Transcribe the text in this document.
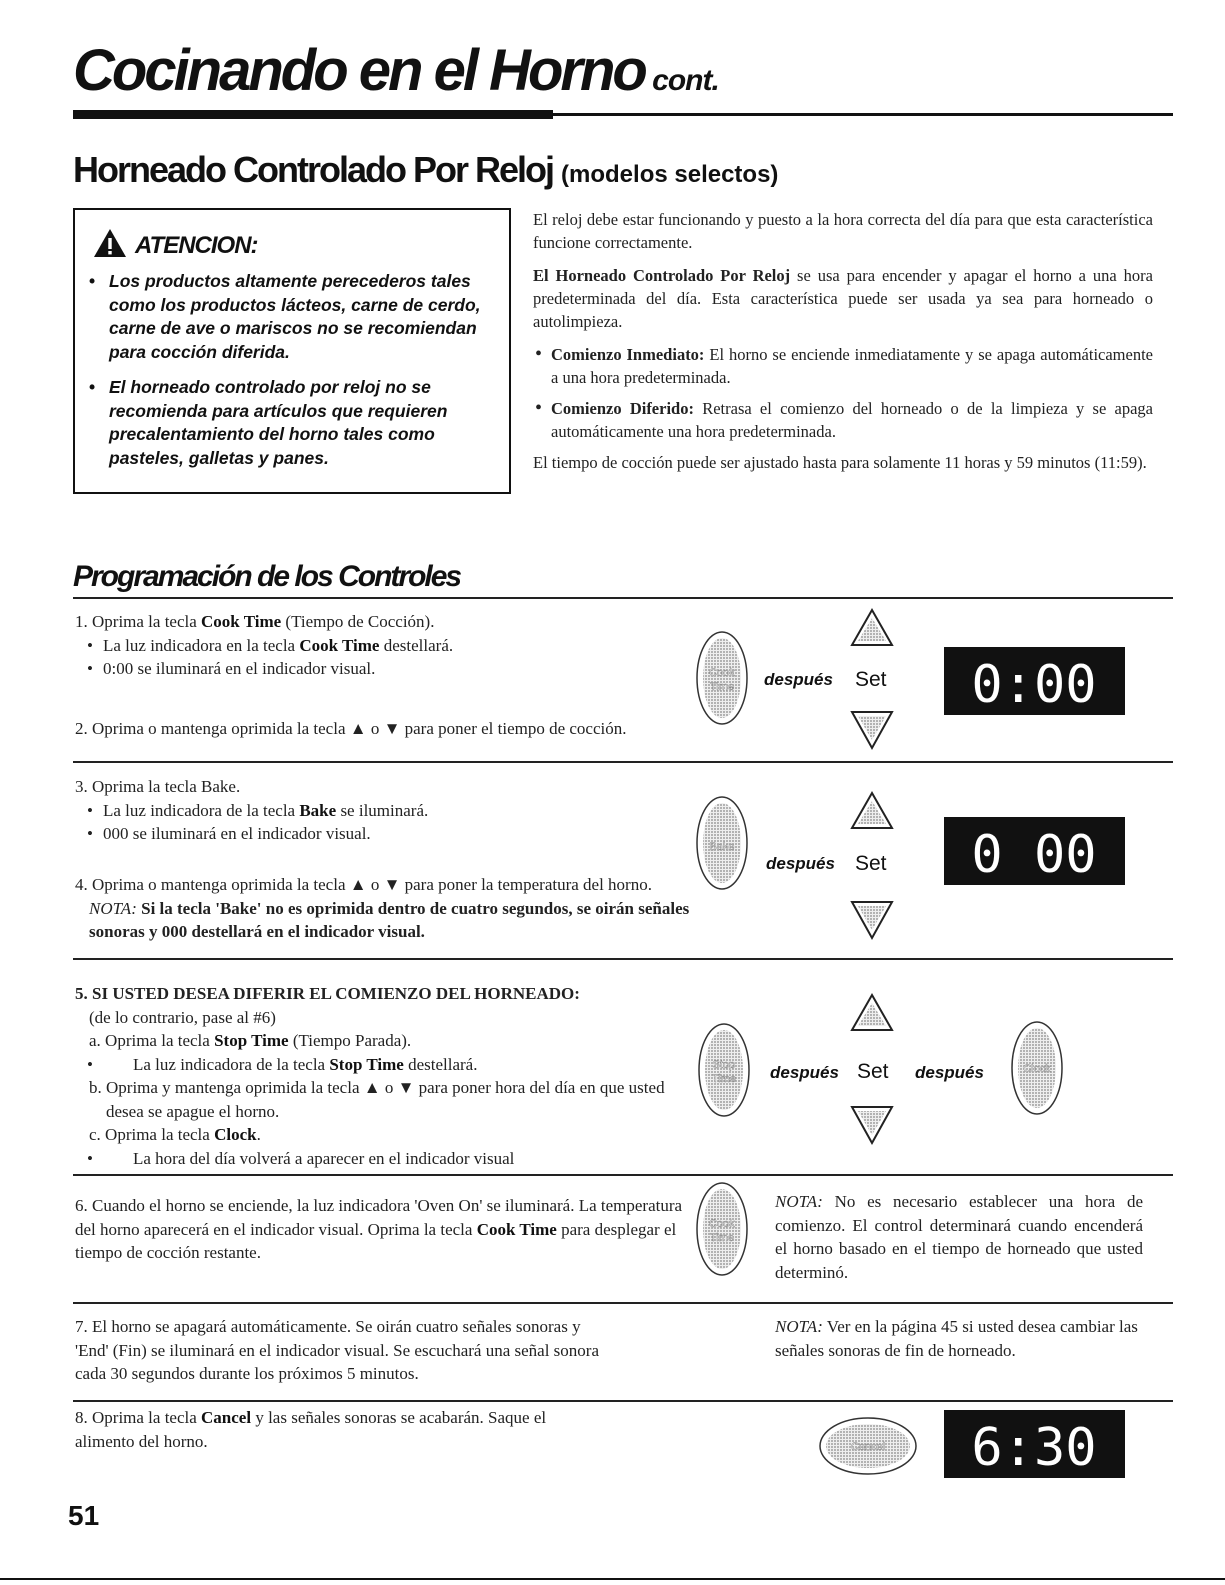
Cocinando en el Horno cont.
Horneado Controlado Por Reloj (modelos selectos)
ATENCION:
• Los productos altamente perecederos tales como los productos lácteos, carne de cerdo, carne de ave o mariscos no se recomiendan para cocción diferida.
• El horneado controlado por reloj no se recomienda para artículos que requieren precalentamiento del horno tales como pasteles, galletas y panes.

El reloj debe estar funcionando y puesto a la hora correcta del día para que esta característica funcione correctamente.

El Horneado Controlado Por Reloj se usa para encender y apagar el horno a una hora predeterminada del día. Esta característica puede ser usada ya sea para horneado o autolimpieza.

• Comienzo Inmediato: El horno se enciende inmediatamente y se apaga automáticamente a una hora predeterminada.
• Comienzo Diferido: Retrasa el comienzo del horneado o de la limpieza y se apaga automáticamente una hora predeterminada.

El tiempo de cocción puede ser ajustado hasta para solamente 11 horas y 59 minutos (11:59).

Programación de los Controles
1. Oprima la tecla Cook Time (Tiempo de Cocción).
• La luz indicadora en la tecla Cook Time destellará.
• 0:00 se iluminará en el indicador visual.
2. Oprima o mantenga oprimida la tecla ▲ o ▼ para poner el tiempo de cocción.
3. Oprima la tecla Bake.
• La luz indicadora de la tecla Bake se iluminará.
• 000 se iluminará en el indicador visual.
4. Oprima o mantenga oprimida la tecla ▲ o ▼ para poner la temperatura del horno.
NOTA: Si la tecla 'Bake' no es oprimida dentro de cuatro segundos, se oirán señales sonoras y 000 destellará en el indicador visual.
5. SI USTED DESEA DIFERIR EL COMIENZO DEL HORNEADO:
(de lo contrario, pase al #6)
a. Oprima la tecla Stop Time (Tiempo Parada).
• La luz indicadora de la tecla Stop Time destellará.
b.
Oprima y mantenga oprimida la tecla ▲ o ▼ para poner hora del día en que usted desea se apague el horno.
c. Oprima la tecla Clock.
• La hora del día volverá a aparecer en el indicador visual
6. Cuando el horno se enciende, la luz indicadora 'Oven On' se iluminará. La temperatura del horno aparecerá en el indicador visual. Oprima la tecla Cook Time para desplegar el tiempo de cocción restante.
NOTA: No es necesario establecer una hora de comienzo. El control determinará cuando encenderá el horno basado en el tiempo de horneado que usted determinó.
7. El horno se apagará automáticamente. Se oirán cuatro señales sonoras y 'End' (Fin) se iluminará en el indicador visual. Se escuchará una señal sonora cada 30 segundos durante los próximos 5 minutos.
NOTA: Ver en la página 45 si usted desea cambiar las señales sonoras de fin de horneado.
8. Oprima la tecla Cancel y las señales sonoras se acabarán. Saque el alimento del horno.
Cook
Time	0:00
Bake	0 00
Stop
Time
Clock
Cook
Time
Cancel 6:30
después Set
después Set
después Set después
51
